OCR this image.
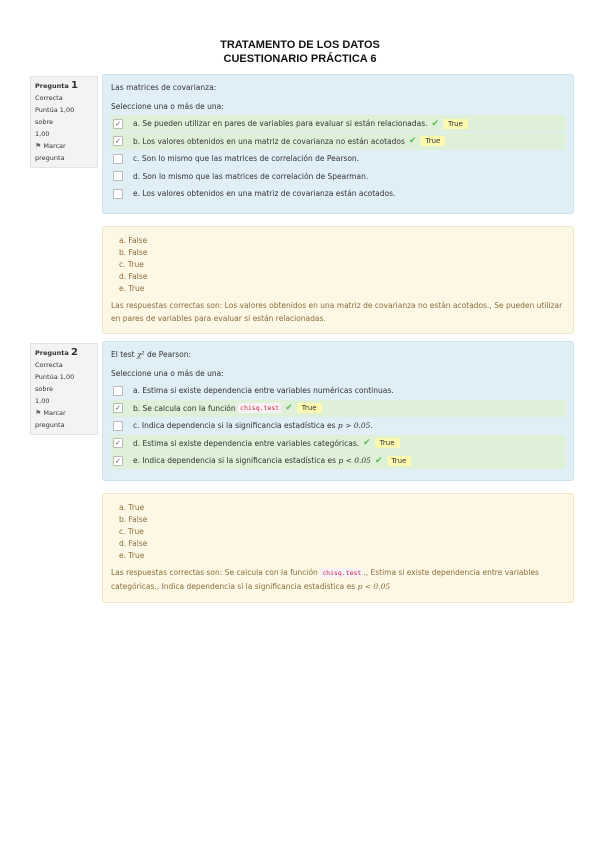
TRATAMENTO DE LOS DATOS
CUESTIONARIO PRÁCTICA 6
Pregunta 1
Correcta
Puntúa 1,00 sobre
1,00
⚑ Marcar
pregunta
Las matrices de covarianza:
Seleccione una o más de una:
✓ a. Se pueden utilizar en pares de variables para evaluar si están relacionadas. ✔	True
✓ b. Los valores obtenidos en una matriz de covarianza no están acotados ✔	True
c. Son lo mismo que las matrices de correlación de Pearson.
d. Son lo mismo que las matrices de correlación de Spearman.
e. Los valores obtenidos en una matriz de covarianza están acotados.
a. False
b. False
c. True
d. False
e. True
Las respuestas correctas son: Los valores obtenidos en una matriz de covarianza no están acotados., Se pueden utilizar en pares de variables para evaluar si están relacionadas.
Pregunta 2
Correcta
Puntúa 1,00 sobre
1,00
⚑ Marcar
pregunta
El test χ² de Pearson:
Seleccione una o más de una:
a. Estima si existe dependencia entre variables numéricas continuas.
✓ b. Se calcula con la función
chisq.test ✔	True
c. Indica dependencia si la significancia estadística es
p > 0.05.
✓ d. Estima si existe dependencia entre variables categóricas. ✔	True
✓ e. Indica dependencia si la significancia estadística es
p < 0.05 ✔	True
a. True
b. False
c. True
d. False
e. True
Las respuestas correctas son: Se calcula con la función chisq.test ., Estima si existe dependencia entre variables categóricas., Indica dependencia si la significancia estadística es p < 0.05
